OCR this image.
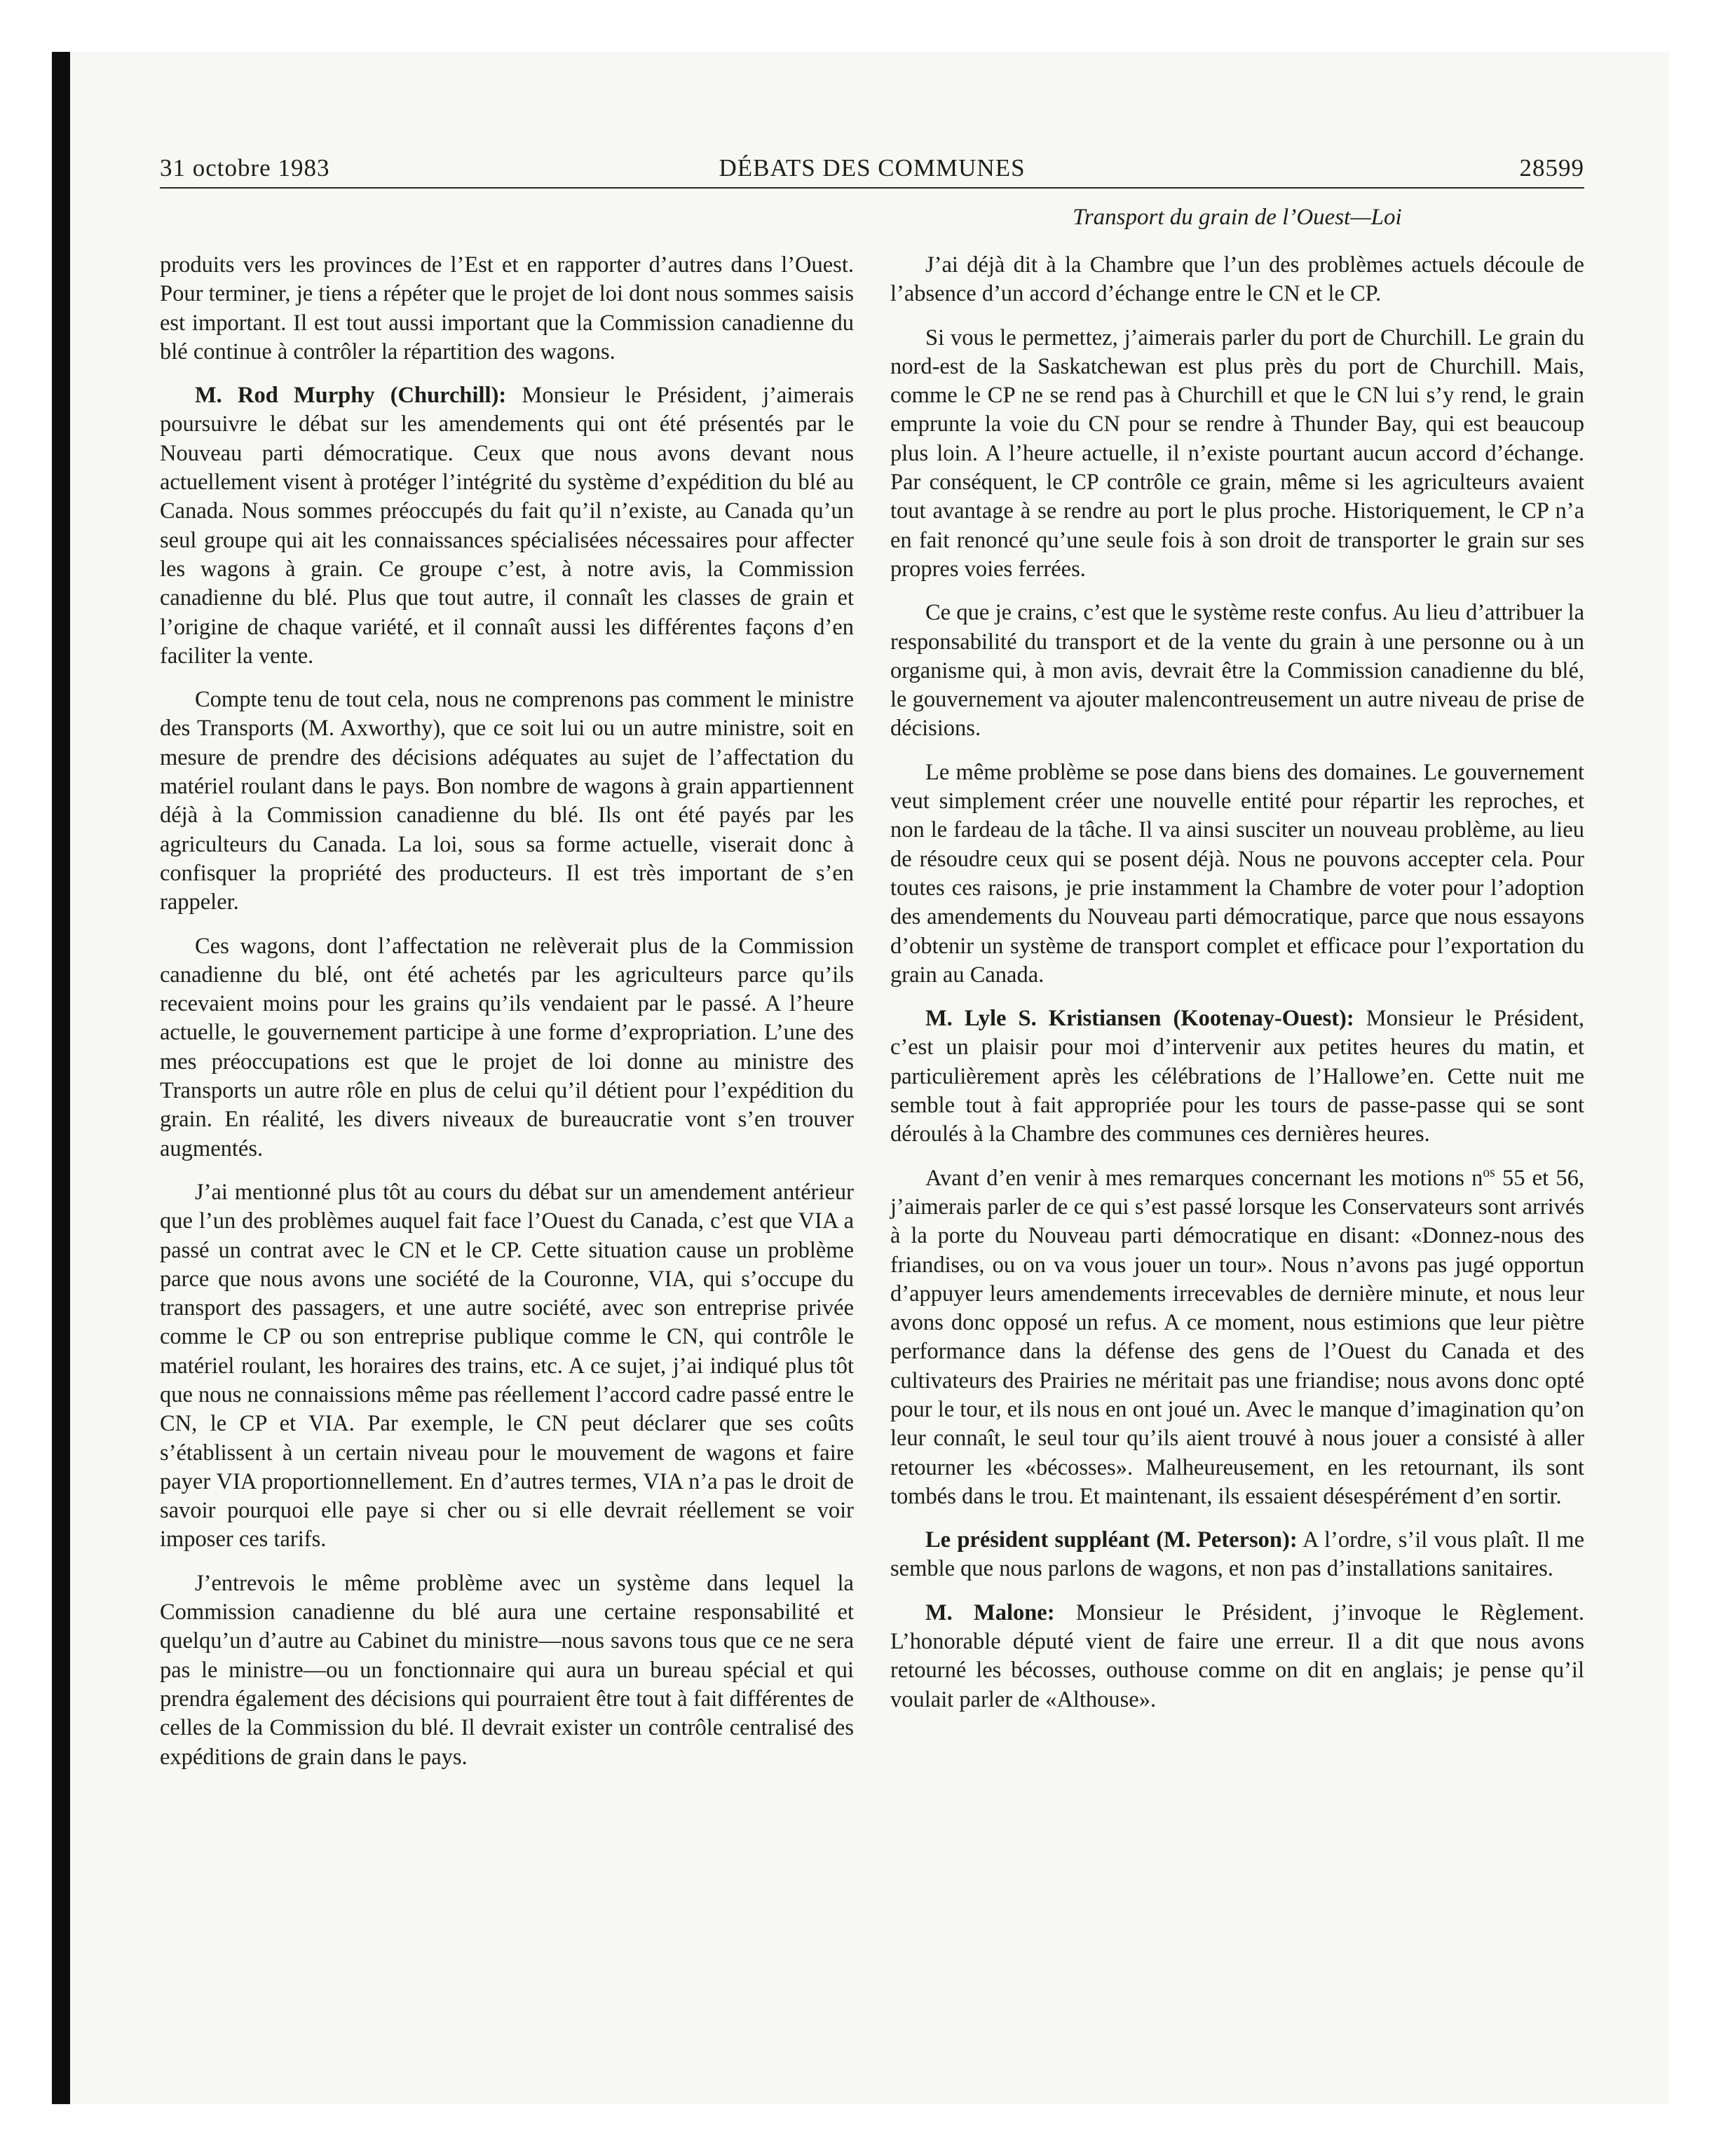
31 octobre 1983	DÉBATS DES COMMUNES	28599
Transport du grain de l’Ouest—Loi

produits vers les provinces de l’Est et en rapporter d’autres dans l’Ouest. Pour terminer, je tiens a répéter que le projet de loi dont nous sommes saisis est important. Il est tout aussi important que la Commission canadienne du blé continue à contrôler la répartition des wagons.

M. Rod Murphy (Churchill): Monsieur le Président, j’aimerais poursuivre le débat sur les amendements qui ont été présentés par le Nouveau parti démocratique. Ceux que nous avons devant nous actuellement visent à protéger l’intégrité du système d’expédition du blé au Canada. Nous sommes préoccupés du fait qu’il n’existe, au Canada qu’un seul groupe qui ait les connaissances spécialisées nécessaires pour affecter les wagons à grain. Ce groupe c’est, à notre avis, la Commission canadienne du blé. Plus que tout autre, il connaît les classes de grain et l’origine de chaque variété, et il connaît aussi les différentes façons d’en faciliter la vente.

Compte tenu de tout cela, nous ne comprenons pas comment le ministre des Transports (M. Axworthy), que ce soit lui ou un autre ministre, soit en mesure de prendre des décisions adéquates au sujet de l’affectation du matériel roulant dans le pays. Bon nombre de wagons à grain appartiennent déjà à la Commission canadienne du blé. Ils ont été payés par les agriculteurs du Canada. La loi, sous sa forme actuelle, viserait donc à confisquer la propriété des producteurs. Il est très important de s’en rappeler.

Ces wagons, dont l’affectation ne relèverait plus de la Commission canadienne du blé, ont été achetés par les agriculteurs parce qu’ils recevaient moins pour les grains qu’ils vendaient par le passé. A l’heure actuelle, le gouvernement participe à une forme d’expropriation. L’une des mes préoccupations est que le projet de loi donne au ministre des Transports un autre rôle en plus de celui qu’il détient pour l’expédition du grain. En réalité, les divers niveaux de bureaucratie vont s’en trouver augmentés.

J’ai mentionné plus tôt au cours du débat sur un amendement antérieur que l’un des problèmes auquel fait face l’Ouest du Canada, c’est que VIA a passé un contrat avec le CN et le CP. Cette situation cause un problème parce que nous avons une société de la Couronne, VIA, qui s’occupe du transport des passagers, et une autre société, avec son entreprise privée comme le CP ou son entreprise publique comme le CN, qui contrôle le matériel roulant, les horaires des trains, etc. A ce sujet, j’ai indiqué plus tôt que nous ne connaissions même pas réellement l’accord cadre passé entre le CN, le CP et VIA. Par exemple, le CN peut déclarer que ses coûts s’établissent à un certain niveau pour le mouvement de wagons et faire payer VIA proportionnellement. En d’autres termes, VIA n’a pas le droit de savoir pourquoi elle paye si cher ou si elle devrait réellement se voir imposer ces tarifs.

J’entrevois le même problème avec un système dans lequel la Commission canadienne du blé aura une certaine responsabilité et quelqu’un d’autre au Cabinet du ministre—nous savons tous que ce ne sera pas le ministre—ou un fonctionnaire qui aura un bureau spécial et qui prendra également des décisions qui pourraient être tout à fait différentes de celles de la Commission du blé. Il devrait exister un contrôle centralisé des expéditions de grain dans le pays.

J’ai déjà dit à la Chambre que l’un des problèmes actuels découle de l’absence d’un accord d’échange entre le CN et le CP.

Si vous le permettez, j’aimerais parler du port de Churchill. Le grain du nord-est de la Saskatchewan est plus près du port de Churchill. Mais, comme le CP ne se rend pas à Churchill et que le CN lui s’y rend, le grain emprunte la voie du CN pour se rendre à Thunder Bay, qui est beaucoup plus loin. A l’heure actuelle, il n’existe pourtant aucun accord d’échange. Par conséquent, le CP contrôle ce grain, même si les agriculteurs avaient tout avantage à se rendre au port le plus proche. Historiquement, le CP n’a en fait renoncé qu’une seule fois à son droit de transporter le grain sur ses propres voies ferrées.

Ce que je crains, c’est que le système reste confus. Au lieu d’attribuer la responsabilité du transport et de la vente du grain à une personne ou à un organisme qui, à mon avis, devrait être la Commission canadienne du blé, le gouvernement va ajouter malencontreusement un autre niveau de prise de décisions.

Le même problème se pose dans biens des domaines. Le gouvernement veut simplement créer une nouvelle entité pour répartir les reproches, et non le fardeau de la tâche. Il va ainsi susciter un nouveau problème, au lieu de résoudre ceux qui se posent déjà. Nous ne pouvons accepter cela. Pour toutes ces raisons, je prie instamment la Chambre de voter pour l’adoption des amendements du Nouveau parti démocratique, parce que nous essayons d’obtenir un système de transport complet et efficace pour l’exportation du grain au Canada.

M. Lyle S. Kristiansen (Kootenay-Ouest): Monsieur le Président, c’est un plaisir pour moi d’intervenir aux petites heures du matin, et particulièrement après les célébrations de l’Hallowe’en. Cette nuit me semble tout à fait appropriée pour les tours de passe-passe qui se sont déroulés à la Chambre des communes ces dernières heures.

Avant d’en venir à mes remarques concernant les motions $n^{os}$ 55 et 56, j’aimerais parler de ce qui s’est passé lorsque les Conservateurs sont arrivés à la porte du Nouveau parti démocratique en disant: «Donnez-nous des friandises, ou on va vous jouer un tour». Nous n’avons pas jugé opportun d’appuyer leurs amendements irrecevables de dernière minute, et nous leur avons donc opposé un refus. A ce moment, nous estimions que leur piètre performance dans la défense des gens de l’Ouest du Canada et des cultivateurs des Prairies ne méritait pas une friandise; nous avons donc opté pour le tour, et ils nous en ont joué un. Avec le manque d’imagination qu’on leur connaît, le seul tour qu’ils aient trouvé à nous jouer a consisté à aller retourner les «bécosses». Malheureusement, en les retournant, ils sont tombés dans le trou. Et maintenant, ils essaient désespérément d’en sortir.

Le président suppléant (M. Peterson): A l’ordre, s’il vous plaît. Il me semble que nous parlons de wagons, et non pas d’installations sanitaires.

M. Malone: Monsieur le Président, j’invoque le Règlement. L’honorable député vient de faire une erreur. Il a dit que nous avons retourné les bécosses, outhouse comme on dit en anglais; je pense qu’il voulait parler de «Althouse».
